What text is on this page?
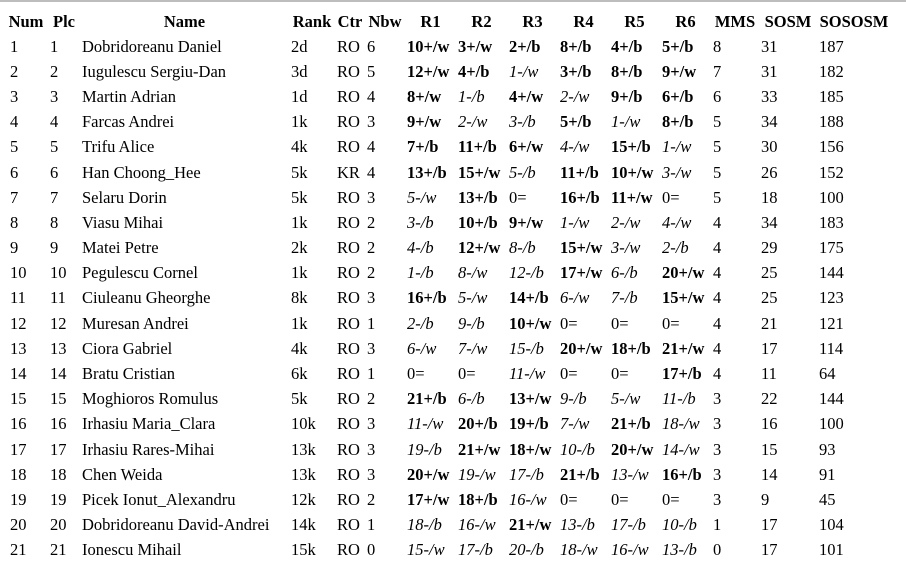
Num	Plc	Name	Rank	Ctr	Nbw	R1	R2	R3	R4	R5	R6	MMS	SOSM	SOSOSM
1	1	Dobridoreanu Daniel	2d	RO	6	10+/w	3+/w	2+/b	8+/b	4+/b	5+/b	8	31	187
2	2	Iugulescu Sergiu-Dan	3d	RO	5	12+/w	4+/b	1-/w	3+/b	8+/b	9+/w	7	31	182
3	3	Martin Adrian	1d	RO	4	8+/w	1-/b	4+/w	2-/w	9+/b	6+/b	6	33	185
4	4	Farcas Andrei	1k	RO	3	9+/w	2-/w	3-/b	5+/b	1-/w	8+/b	5	34	188
5	5	Trifu Alice	4k	RO	4	7+/b	11+/b	6+/w	4-/w	15+/b	1-/w	5	30	156
6	6	Han Choong_Hee	5k	KR	4	13+/b	15+/w	5-/b	11+/b	10+/w	3-/w	5	26	152
7	7	Selaru Dorin	5k	RO	3	5-/w	13+/b	0=	16+/b	11+/w	0=	5	18	100
8	8	Viasu Mihai	1k	RO	2	3-/b	10+/b	9+/w	1-/w	2-/w	4-/w	4	34	183
9	9	Matei Petre	2k	RO	2	4-/b	12+/w	8-/b	15+/w	3-/w	2-/b	4	29	175
10	10	Pegulescu Cornel	1k	RO	2	1-/b	8-/w	12-/b	17+/w	6-/b	20+/w	4	25	144
11	11	Ciuleanu Gheorghe	8k	RO	3	16+/b	5-/w	14+/b	6-/w	7-/b	15+/w	4	25	123
12	12	Muresan Andrei	1k	RO	1	2-/b	9-/b	10+/w	0=	0=	0=	4	21	121
13	13	Ciora Gabriel	4k	RO	3	6-/w	7-/w	15-/b	20+/w	18+/b	21+/w	4	17	114
14	14	Bratu Cristian	6k	RO	1	0=	0=	11-/w	0=	0=	17+/b	4	11	64
15	15	Moghioros Romulus	5k	RO	2	21+/b	6-/b	13+/w	9-/b	5-/w	11-/b	3	22	144
16	16	Irhasiu Maria_Clara	10k	RO	3	11-/w	20+/b	19+/b	7-/w	21+/b	18-/w	3	16	100
17	17	Irhasiu Rares-Mihai	13k	RO	3	19-/b	21+/w	18+/w	10-/b	20+/w	14-/w	3	15	93
18	18	Chen Weida	13k	RO	3	20+/w	19-/w	17-/b	21+/b	13-/w	16+/b	3	14	91
19	19	Picek Ionut_Alexandru	12k	RO	2	17+/w	18+/b	16-/w	0=	0=	0=	3	9	45
20	20	Dobridoreanu David-Andrei	14k	RO	1	18-/b	16-/w	21+/w	13-/b	17-/b	10-/b	1	17	104
21	21	Ionescu Mihail	15k	RO	0	15-/w	17-/b	20-/b	18-/w	16-/w	13-/b	0	17	101
